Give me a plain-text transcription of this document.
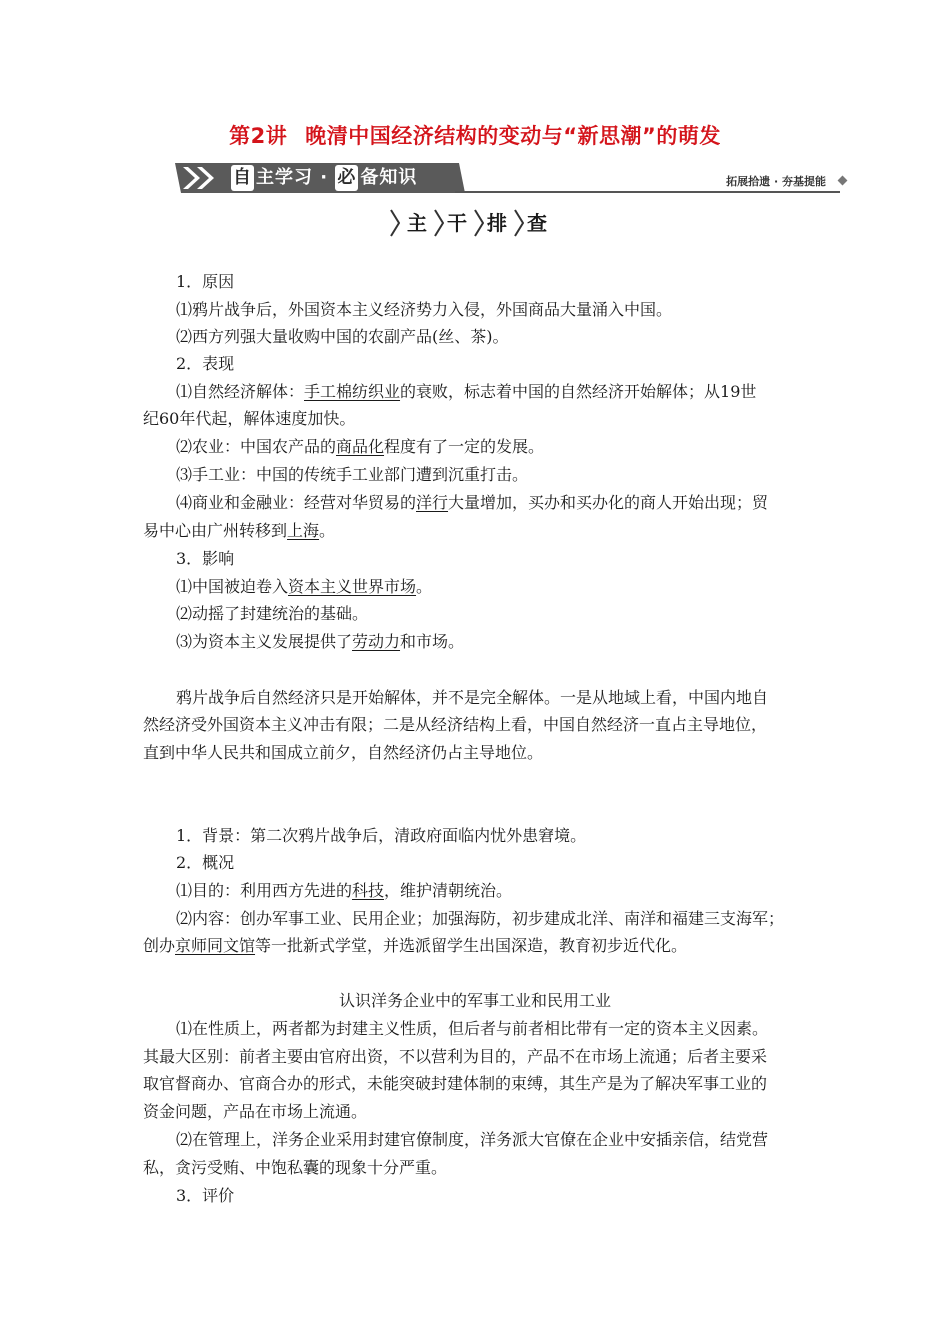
第2讲 晚清中国经济结构的变动与“新思潮”的萌发
自 主学习 · 必 备知识	拓展拾遗 · 夯基提能
主	干	排	查
1．原因
⑴鸦片战争后，外国资本主义经济势力入侵，外国商品大量涌入中国。
⑵西方列强大量收购中国的农副产品(丝、茶)。
2．表现
⑴自然经济解体：手工棉纺织业的衰败，标志着中国的自然经济开始解体；从19世
纪60年代起，解体速度加快。
⑵农业：中国农产品的商品化程度有了一定的发展。
⑶手工业：中国的传统手工业部门遭到沉重打击。
⑷商业和金融业：经营对华贸易的洋行大量增加，买办和买办化的商人开始出现；贸
易中心由广州转移到上海。
3．影响
⑴中国被迫卷入资本主义世界市场。
⑵动摇了封建统治的基础。
⑶为资本主义发展提供了劳动力和市场。
鸦片战争后自然经济只是开始解体，并不是完全解体。一是从地域上看，中国内地自
然经济受外国资本主义冲击有限；二是从经济结构上看，中国自然经济一直占主导地位，
直到中华人民共和国成立前夕，自然经济仍占主导地位。
1．背景：第二次鸦片战争后，清政府面临内忧外患窘境。
2．概况
⑴目的：利用西方先进的科技，维护清朝统治。
⑵内容：创办军事工业、民用企业；加强海防，初步建成北洋、南洋和福建三支海军；
创办京师同文馆等一批新式学堂，并选派留学生出国深造，教育初步近代化。
认识洋务企业中的军事工业和民用工业
⑴在性质上，两者都为封建主义性质，但后者与前者相比带有一定的资本主义因素。
其最大区别：前者主要由官府出资，不以营利为目的，产品不在市场上流通；后者主要采
取官督商办、官商合办的形式，未能突破封建体制的束缚，其生产是为了解决军事工业的
资金问题，产品在市场上流通。
⑵在管理上，洋务企业采用封建官僚制度，洋务派大官僚在企业中安插亲信，结党营
私，贪污受贿、中饱私囊的现象十分严重。
3．评价
